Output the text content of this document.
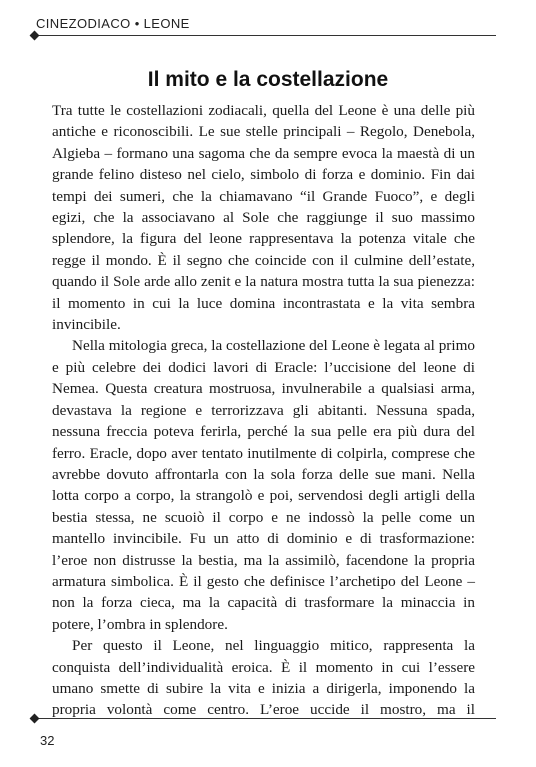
CINEZODIACO • LEONE
Il mito e la costellazione

Tra tutte le costellazioni zodiacali, quella del Leone è una delle più antiche e riconoscibili. Le sue stelle principali – Regolo, Denebola, Algieba – formano una sagoma che da sempre evoca la maestà di un grande felino disteso nel cielo, simbolo di forza e dominio. Fin dai tempi dei sumeri, che la chiamavano “il Grande Fuoco”, e degli egizi, che la associavano al Sole che raggiunge il suo massimo splendore, la figura del leone rappresentava la potenza vitale che regge il mondo. È il segno che coincide con il culmine dell’estate, quando il Sole arde allo zenit e la natura mostra tutta la sua pienezza: il momento in cui la luce domina incontrastata e la vita sembra invincibile.

Nella mitologia greca, la costellazione del Leone è legata al primo e più celebre dei dodici lavori di Eracle: l’uccisione del leone di Nemea. Questa creatura mostruosa, invulnerabile a qualsiasi arma, devastava la regione e terrorizzava gli abitanti. Nessuna spada, nessuna freccia poteva ferirla, perché la sua pelle era più dura del ferro. Eracle, dopo aver tentato inutilmente di colpirla, comprese che avrebbe dovuto affrontarla con la sola forza delle sue mani. Nella lotta corpo a corpo, la strangolò e poi, servendosi degli artigli della bestia stessa, ne scuoiò il corpo e ne indossò la pelle come un mantello invincibile. Fu un atto di dominio e di trasformazione: l’eroe non distrusse la bestia, ma la assimilò, facendone la propria armatura simbolica. È il gesto che definisce l’archetipo del Leone – non la forza cieca, ma la capacità di trasformare la minaccia in potere, l’ombra in splendore.

Per questo il Leone, nel linguaggio mitico, rappresenta la conquista dell’individualità eroica. È il momento in cui l’essere umano smette di subire la vita e inizia a dirigerla, imponendo la propria volontà come centro. L’eroe uccide il mostro, ma il

32
